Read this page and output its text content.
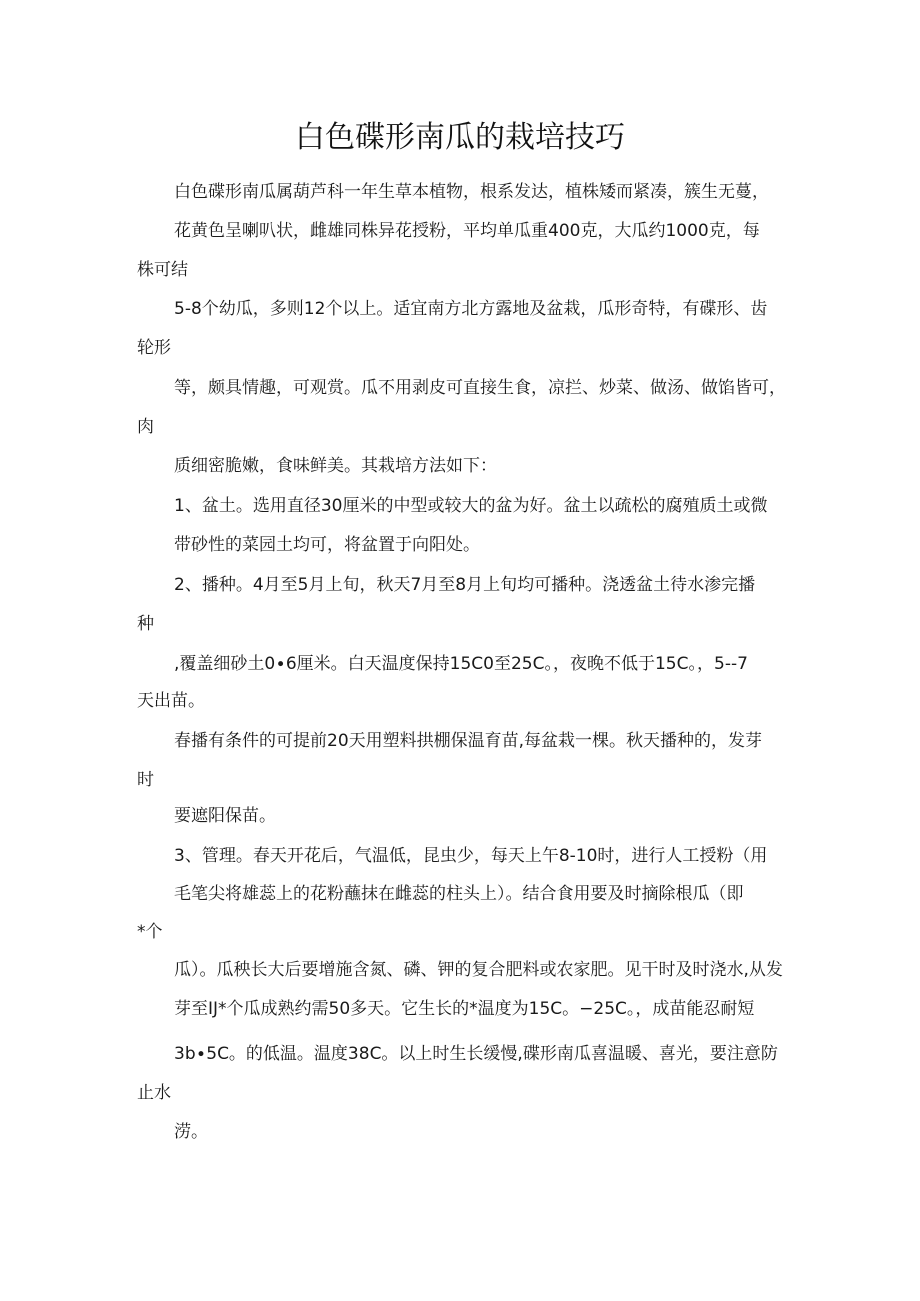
白色碟形南瓜的栽培技巧

白色碟形南瓜属葫芦科一年生草本植物，根系发达，植株矮而紧凑，簇生无蔓，

花黄色呈喇叭状，雌雄同株异花授粉，平均单瓜重400克，大瓜约1000克，每

株可结

5-8个幼瓜，多则12个以上。适宜南方北方露地及盆栽，瓜形奇特，有碟形、齿

轮形

等，颇具情趣，可观赏。瓜不用剥皮可直接生食，凉拦、炒菜、做汤、做馅皆可，

肉

质细密脆嫩，食味鲜美。其栽培方法如下：

1、盆土。选用直径30厘米的中型或较大的盆为好。盆土以疏松的腐殖质土或微

带砂性的菜园土均可，将盆置于向阳处。

2、播种。4月至5月上旬，秋天7月至8月上旬均可播种。浇透盆土待水渗完播

种

,覆盖细砂土0∙6厘米。白天温度保持15C0至25C。，夜晚不低于15C。，5--7

天出苗。

春播有条件的可提前20天用塑料拱棚保温育苗,每盆栽一棵。秋天播种的，发芽

时

要遮阳保苗。

3、管理。春天开花后，气温低，昆虫少，每天上午8-10时，进行人工授粉（用

毛笔尖将雄蕊上的花粉蘸抹在雌蕊的柱头上）。结合食用要及时摘除根瓜（即

*个

瓜）。瓜秧长大后要增施含氮、磷、钾的复合肥料或农家肥。见干时及时浇水,从发

芽至IJ*个瓜成熟约需50多天。它生长的*温度为15C。−25C。，成苗能忍耐短

3b∙5C。的低温。温度38C。以上时生长缓慢,碟形南瓜喜温暖、喜光，要注意防

止水

涝。
